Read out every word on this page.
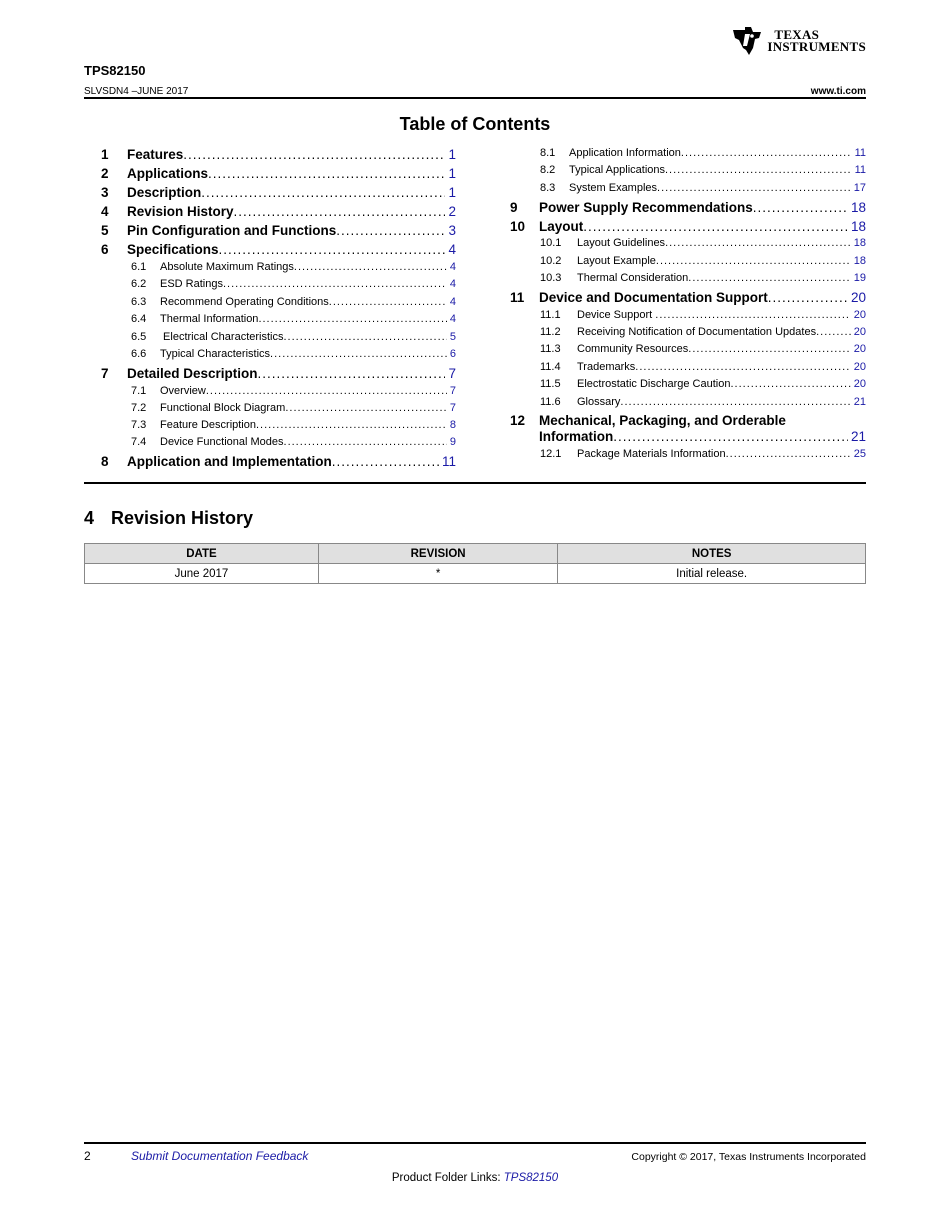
TEXAS
INSTRUMENTS
TPS82150
SLVSDN4 –JUNE 2017	www.ti.com
Table of Contents
1	Features .....	1
2	Applications .....	1
3	Description .....	1
4	Revision History .....	2
5	Pin Configuration and Functions .....	3
6	Specifications .....	4
6.1	Absolute Maximum Ratings .....	4
6.2	ESD Ratings .....	4
6.3	Recommend Operating Conditions .....	4
6.4	Thermal Information .....	4
6.5	Electrical Characteristics .....	5
6.6	Typical Characteristics .....	6
7	Detailed Description .....	7
7.1	Overview .....	7
7.2	Functional Block Diagram .....	7
7.3	Feature Description .....	8
7.4	Device Functional Modes .....	9
8	Application and Implementation .....	11
8.1	Application Information .....	11
8.2	Typical Applications .....	11
8.3	System Examples .....	17
9	Power Supply Recommendations .....	18
10	Layout .....	18
10.1	Layout Guidelines .....	18
10.2	Layout Example .....	18
10.3	Thermal Consideration .....	19
11	Device and Documentation Support .....	20
11.1	Device Support .....	20
11.2	Receiving Notification of Documentation Updates .....	20
11.3	Community Resources .....	20
11.4	Trademarks .....	20
11.5	Electrostatic Discharge Caution .....	20
11.6	Glossary .....	21
12	Mechanical, Packaging, and Orderable
Information .....	21
12.1	Package Materials Information .....	25
4 Revision History
DATE	REVISION	NOTES
June 2017	*	Initial release.
2	Submit Documentation Feedback	Copyright © 2017, Texas Instruments Incorporated
Product Folder Links: TPS82150
